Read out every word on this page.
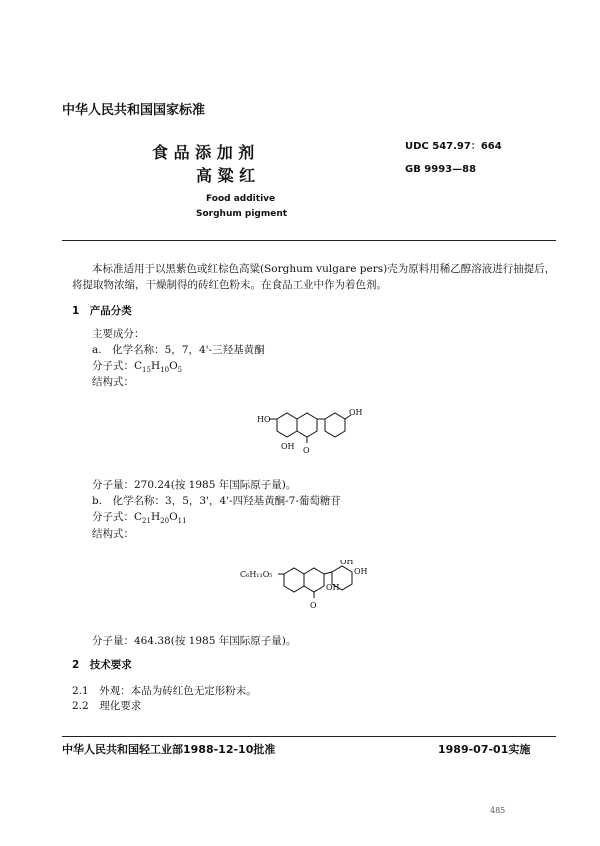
中华人民共和国国家标准
食 品 添 加 剂
高 粱 红
UDC 547.97：664
GB 9993—88
Food additive
Sorghum pigment
本标准适用于以黑紫色或红棕色高粱(Sorghum vulgare pers)壳为原料用稀乙醇溶液进行抽提后，
将提取物浓缩，干燥制得的砖红色粉末。在食品工业中作为着色剂。
1　产品分类
主要成分：
a.　化学名称：5，7，4'-三羟基黄酮
分子式：$C_{15}H_{10}O_5$
结构式：
HO
OH
OH O
分子量：270.24(按 1985 年国际原子量)。
b.　化学名称：3，5，3'，4'-四羟基黄酮-7-葡萄糖苷
分子式：$C_{21}H_{20}O_{11}$
结构式：
C₆H₁₁O₅
OH
OH
OH
O
分子量：464.38(按 1985 年国际原子量)。
2　技术要求
2.1　外观：本品为砖红色无定形粉末。
2.2　理化要求
中华人民共和国轻工业部1988-12-10批准	1989-07-01实施
485
